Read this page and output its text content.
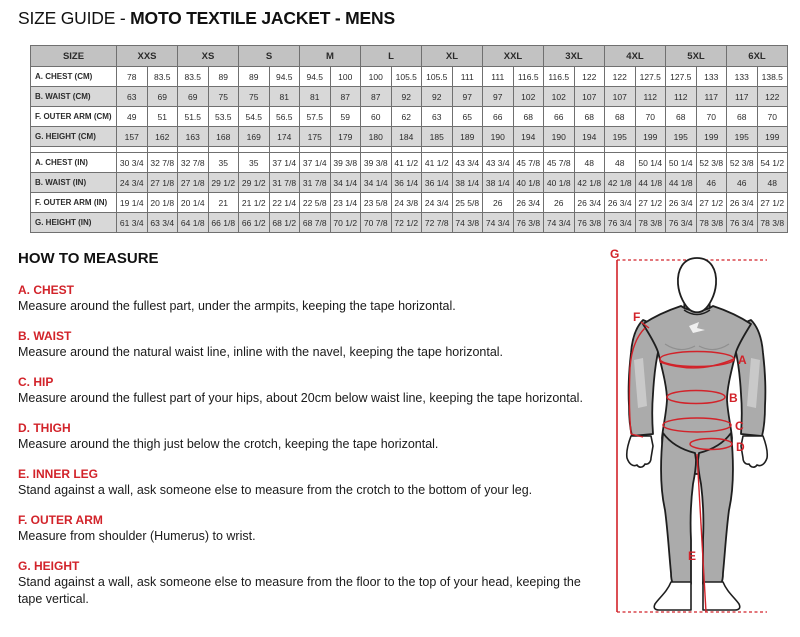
SIZE GUIDE - MOTO TEXTILE JACKET - MENS
SIZE	XXS		XS		S		M		L		XL		XXL		3XL		4XL		5XL		6XL	
A. CHEST (CM)	78	83.5	83.5	89	89	94.5	94.5	100	100	105.5	105.5	111	111	116.5	116.5	122	122	127.5	127.5	133	133	138.5
B. WAIST (CM)	63	69	69	75	75	81	81	87	87	92	92	97	97	102	102	107	107	112	112	117	117	122
F. OUTER ARM (CM)	49	51	51.5	53.5	54.5	56.5	57.5	59	60	62	63	65	66	68	66	68	68	70	68	70	68	70
G. HEIGHT (CM)	157	162	163	168	169	174	175	179	180	184	185	189	190	194	190	194	195	199	195	199	195	199

A. CHEST (IN)	30 3/4	32 7/8	32 7/8	35	35	37 1/4	37 1/4	39 3/8	39 3/8	41 1/2	41 1/2	43 3/4	43 3/4	45 7/8	45 7/8	48	48	50 1/4	50 1/4	52 3/8	52 3/8	54 1/2
B. WAIST (IN)	24 3/4	27 1/8	27 1/8	29 1/2	29 1/2	31 7/8	31 7/8	34 1/4	34 1/4	36 1/4	36 1/4	38 1/4	38 1/4	40 1/8	40 1/8	42 1/8	42 1/8	44 1/8	44 1/8	46	46	48
F. OUTER ARM (IN)	19 1/4	20 1/8	20 1/4	21	21 1/2	22 1/4	22 5/8	23 1/4	23 5/8	24 3/8	24 3/4	25 5/8	26	26 3/4	26	26 3/4	26 3/4	27 1/2	26 3/4	27 1/2	26 3/4	27 1/2
G. HEIGHT (IN)	61 3/4	63 3/4	64 1/8	66 1/8	66 1/2	68 1/2	68 7/8	70 1/2	70 7/8	72 1/2	72 7/8	74 3/8	74 3/4	76 3/8	74 3/4	76 3/8	76 3/4	78 3/8	76 3/4	78 3/8	76 3/4	78 3/8
HOW TO MEASURE
A. CHEST
Measure around the fullest part, under the armpits, keeping the tape horizontal.
B. WAIST
Measure around the natural waist line, inline with the navel, keeping the tape horizontal.
C. HIP
Measure around the fullest part of your hips, about 20cm below waist line, keeping the tape horizontal.
D. THIGH
Measure around the thigh just below the crotch, keeping the tape horizontal.
E. INNER LEG
Stand against a wall, ask someone else to measure from the crotch to the bottom of your leg.
F. OUTER ARM
Measure from shoulder (Humerus) to wrist.
G. HEIGHT
Stand against a wall, ask someone else to measure from the floor to the top of your head, keeping the tape vertical.
G
A
B
C
D
E
F
